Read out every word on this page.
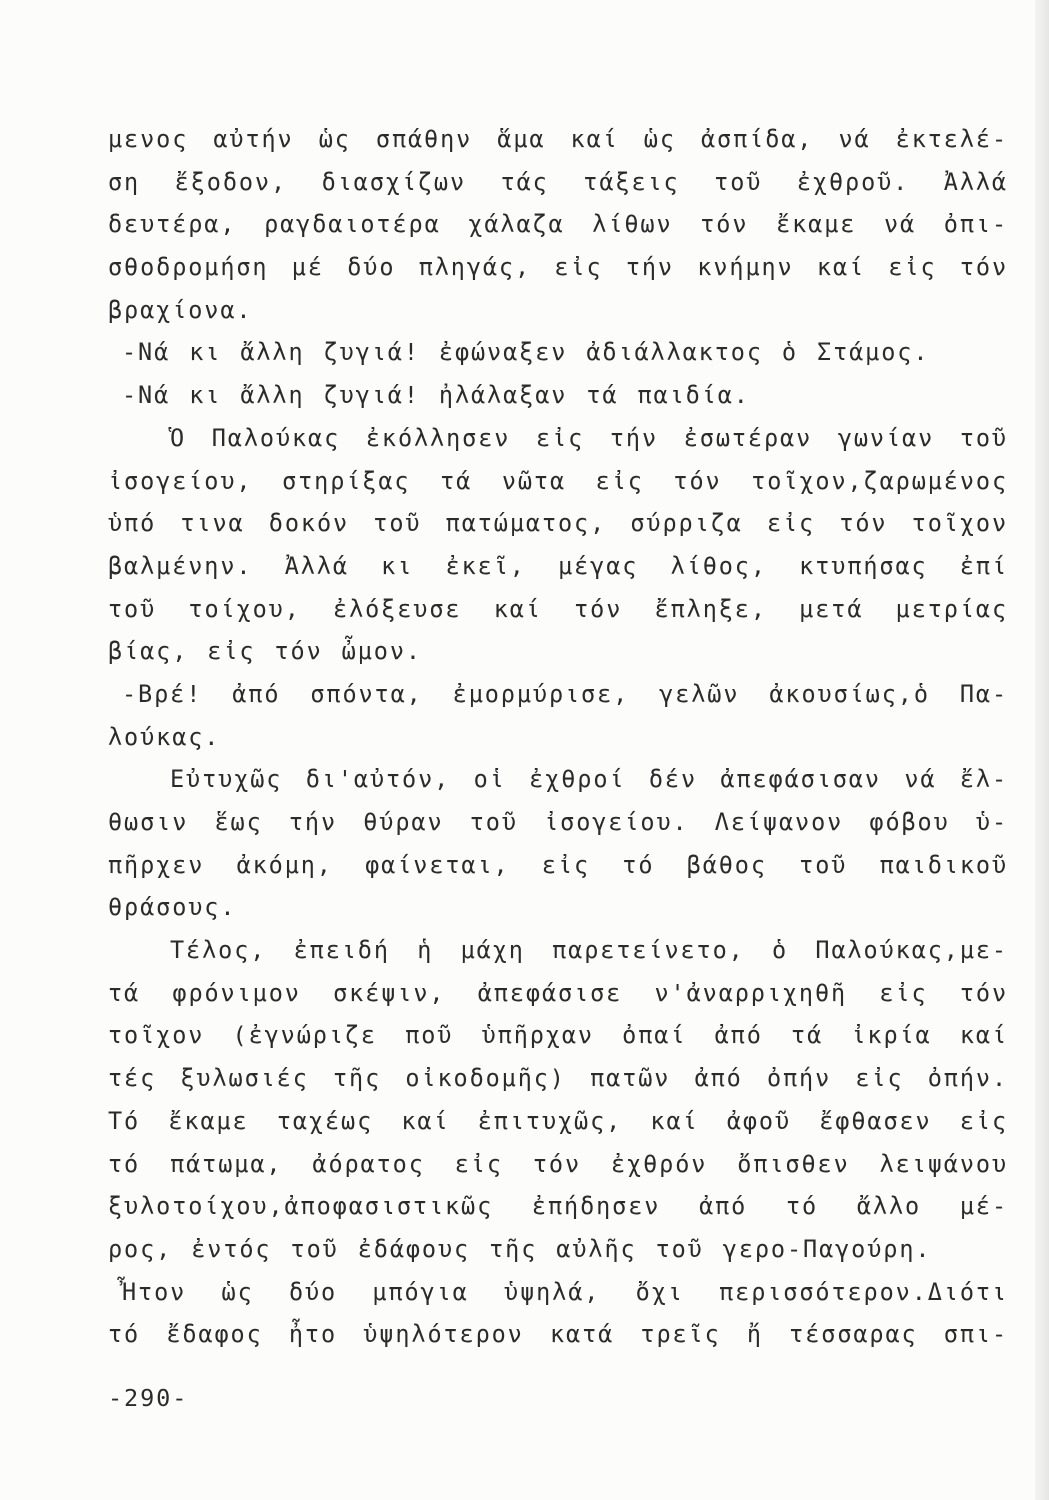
μενος αὐτήν ὡς σπάθην ἅμα καί ὡς ἀσπίδα, νά ἐκτελέ-
ση ἔξοδον, διασχίζων τάς τάξεις τοῦ ἐχθροῦ. Ἀλλά
δευτέρα, ραγδαιοτέρα χάλαζα λίθων τόν ἔκαμε νά ὀπι-
σθοδρομήση μέ δύο πληγάς, εἰς τήν κνήμην καί εἰς τόν
βραχίονα.
-Νά κι ἄλλη ζυγιά! ἐφώναξεν ἀδιάλλακτος ὁ Στάμος.
-Νά κι ἄλλη ζυγιά! ἠλάλαξαν τά παιδία.
Ὁ Παλούκας ἐκόλλησεν εἰς τήν ἐσωτέραν γωνίαν τοῦ
ἰσογείου, στηρίξας τά νῶτα εἰς τόν τοῖχον,ζαρωμένος
ὑπό τινα δοκόν τοῦ πατώματος, σύρριζα εἰς τόν τοῖχον
βαλμένην. Ἀλλά κι ἐκεῖ, μέγας λίθος, κτυπήσας ἐπί
τοῦ τοίχου, ἐλόξευσε καί τόν ἔπληξε, μετά μετρίας
βίας, εἰς τόν ὦμον.
-Βρέ! ἀπό σπόντα, ἐμορμύρισε, γελῶν ἀκουσίως,ὁ Πα-
λούκας.
Εὐτυχῶς δι'αὐτόν, οἱ ἐχθροί δέν ἀπεφάσισαν νά ἔλ-
θωσιν ἕως τήν θύραν τοῦ ἰσογείου. Λείψανον φόβου ὑ-
πῆρχεν ἀκόμη, φαίνεται, εἰς τό βάθος τοῦ παιδικοῦ
θράσους.
Τέλος, ἐπειδή ἡ μάχη παρετείνετο, ὁ Παλούκας,με-
τά φρόνιμον σκέψιν, ἀπεφάσισε ν'ἀναρριχηθῆ εἰς τόν
τοῖχον (ἐγνώριζε ποῦ ὑπῆρχαν ὀπαί ἀπό τά ἰκρία καί
τές ξυλωσιές τῆς οἰκοδομῆς) πατῶν ἀπό ὀπήν εἰς ὀπήν.
Τό ἔκαμε ταχέως καί ἐπιτυχῶς, καί ἀφοῦ ἔφθασεν εἰς
τό πάτωμα, ἀόρατος εἰς τόν ἐχθρόν ὄπισθεν λειψάνου
ξυλοτοίχου,ἀποφασιστικῶς ἐπήδησεν ἀπό τό ἄλλο μέ-
ρος, ἐντός τοῦ ἐδάφους τῆς αὐλῆς τοῦ γερο-Παγούρη.
Ἦτον ὡς δύο μπόγια ὑψηλά, ὄχι περισσότερον.Διότι
τό ἔδαφος ἦτο ὑψηλότερον κατά τρεῖς ἤ τέσσαρας σπι-
-290-
